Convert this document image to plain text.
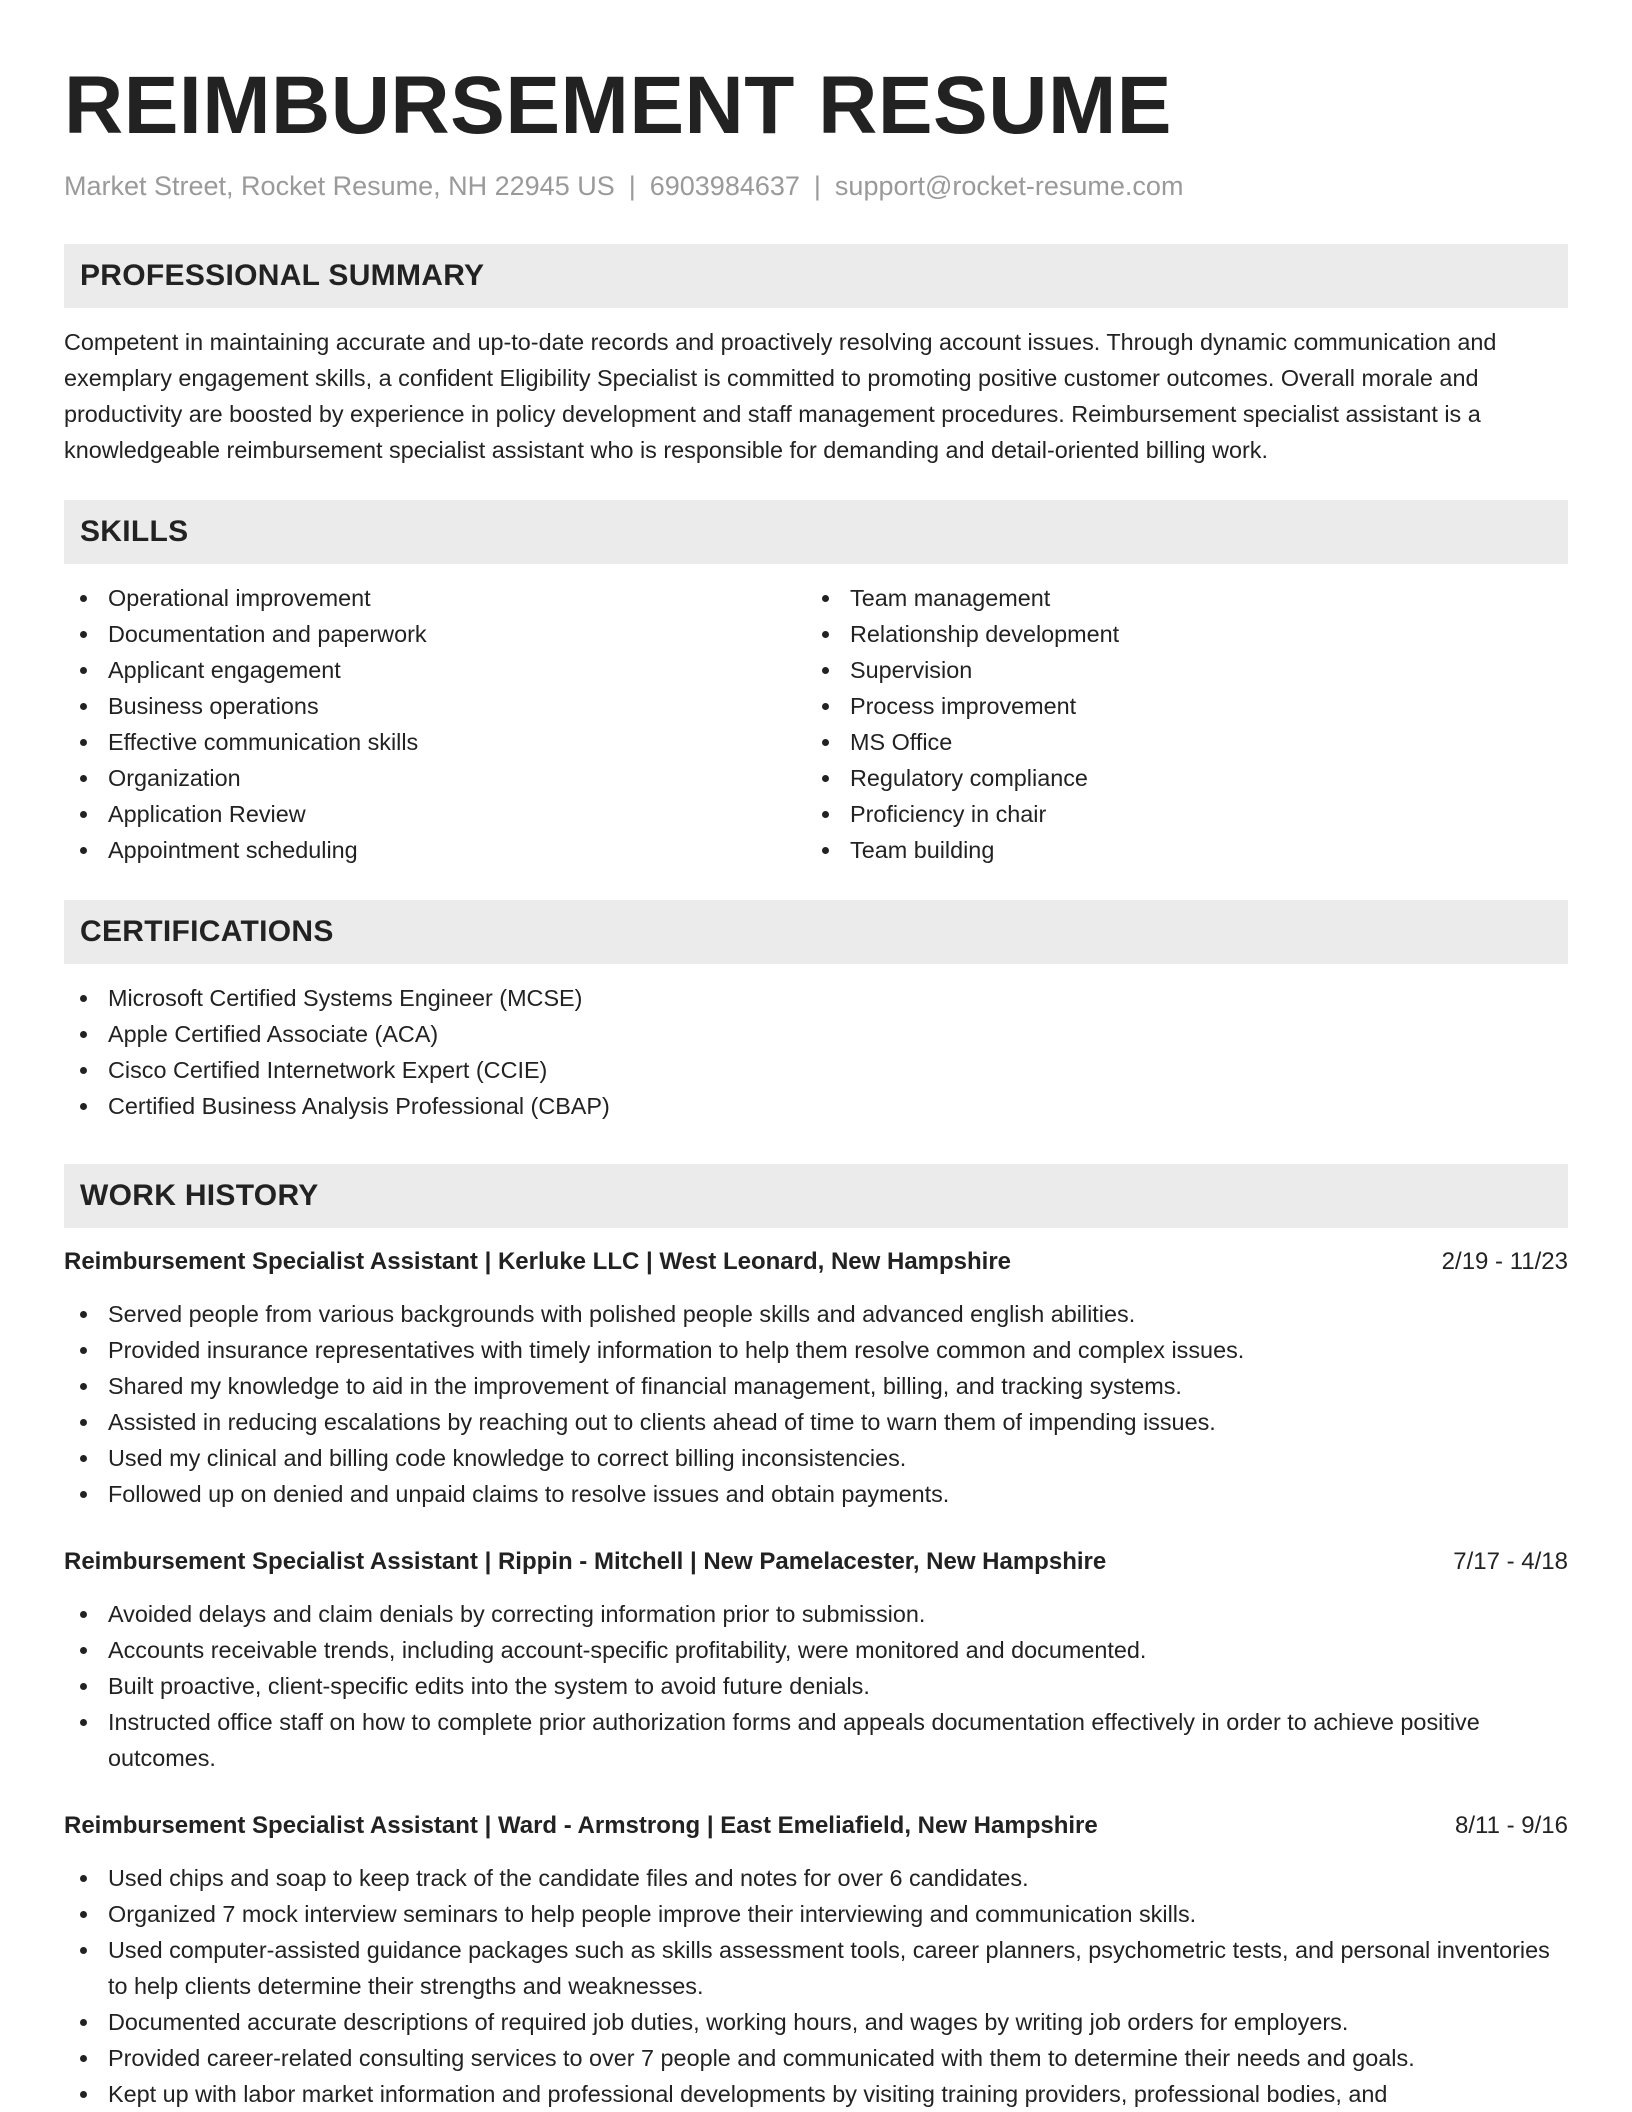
REIMBURSEMENT RESUME
Market Street, Rocket Resume, NH 22945 US | 6903984637 | support@rocket-resume.com
PROFESSIONAL SUMMARY

Competent in maintaining accurate and up-to-date records and proactively resolving account issues. Through dynamic communication and exemplary engagement skills, a confident Eligibility Specialist is committed to promoting positive customer outcomes. Overall morale and productivity are boosted by experience in policy development and staff management procedures. Reimbursement specialist assistant is a knowledgeable reimbursement specialist assistant who is responsible for demanding and detail-oriented billing work.

SKILLS
Operational improvement
Documentation and paperwork
Applicant engagement
Business operations
Effective communication skills
Organization
Application Review
Appointment scheduling
Team management
Relationship development
Supervision
Process improvement
MS Office
Regulatory compliance
Proficiency in chair
Team building
CERTIFICATIONS
Microsoft Certified Systems Engineer (MCSE)
Apple Certified Associate (ACA)
Cisco Certified Internetwork Expert (CCIE)
Certified Business Analysis Professional (CBAP)
WORK HISTORY
Reimbursement Specialist Assistant | Kerluke LLC | West Leonard, New Hampshire	2/19 - 11/23
Served people from various backgrounds with polished people skills and advanced english abilities.
Provided insurance representatives with timely information to help them resolve common and complex issues.
Shared my knowledge to aid in the improvement of financial management, billing, and tracking systems.
Assisted in reducing escalations by reaching out to clients ahead of time to warn them of impending issues.
Used my clinical and billing code knowledge to correct billing inconsistencies.
Followed up on denied and unpaid claims to resolve issues and obtain payments.
Reimbursement Specialist Assistant | Rippin - Mitchell | New Pamelacester, New Hampshire	7/17 - 4/18
Avoided delays and claim denials by correcting information prior to submission.
Accounts receivable trends, including account-specific profitability, were monitored and documented.
Built proactive, client-specific edits into the system to avoid future denials.
Instructed office staff on how to complete prior authorization forms and appeals documentation effectively in order to achieve positive outcomes.
Reimbursement Specialist Assistant | Ward - Armstrong | East Emeliafield, New Hampshire	8/11 - 9/16
Used chips and soap to keep track of the candidate files and notes for over 6 candidates.
Organized 7 mock interview seminars to help people improve their interviewing and communication skills.
Used computer-assisted guidance packages such as skills assessment tools, career planners, psychometric tests, and personal inventories to help clients determine their strengths and weaknesses.
Documented accurate descriptions of required job duties, working hours, and wages by writing job orders for employers.
Provided career-related consulting services to over 7 people and communicated with them to determine their needs and goals.
Kept up with labor market information and professional developments by visiting training providers, professional bodies, and
